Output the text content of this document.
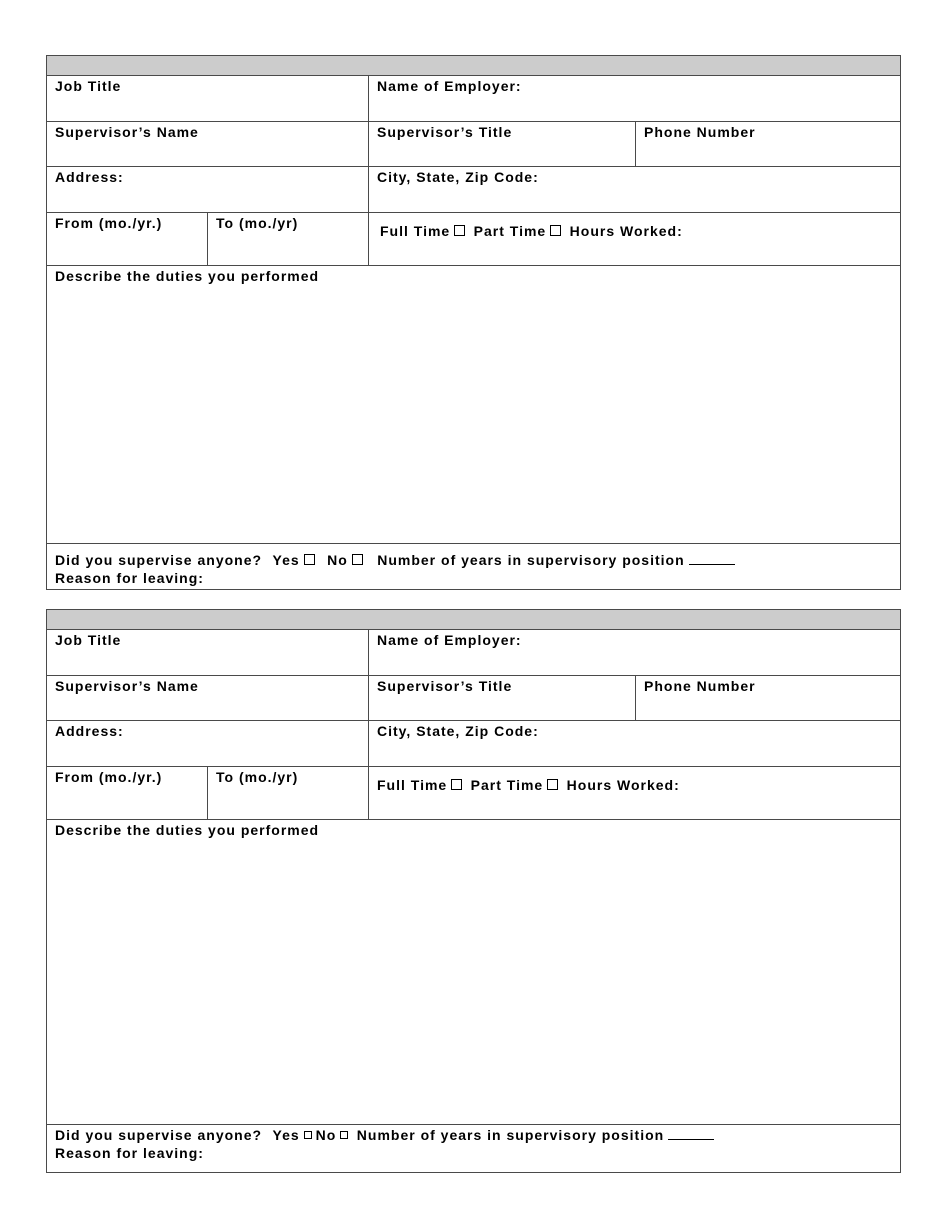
Job Title	Name of Employer:
Supervisor’s Name	Supervisor’s Title	Phone Number
Address:	City, State, Zip Code:
From (mo./yr.)	To (mo./yr)	Full Time Part Time Hours Worked:
Describe the duties you performed
Did you supervise anyone? Yes No Number of years in supervisory position
Reason for leaving:
Job Title	Name of Employer:
Supervisor’s Name	Supervisor’s Title	Phone Number
Address:	City, State, Zip Code:
From (mo./yr.)	To (mo./yr)	Full Time Part Time Hours Worked:
Describe the duties you performed
Did you supervise anyone? Yes No Number of years in supervisory position
Reason for leaving:
